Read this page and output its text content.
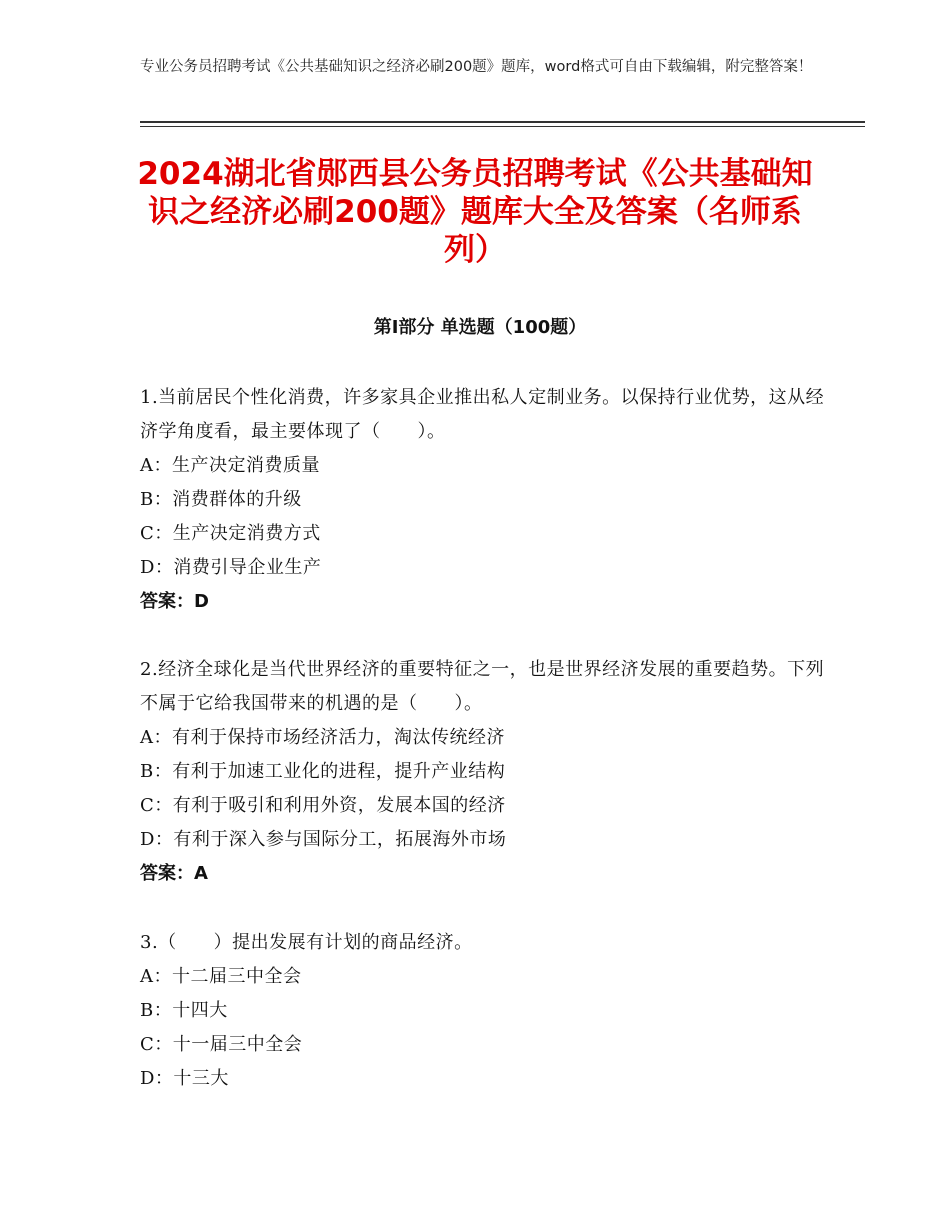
专业公务员招聘考试《公共基础知识之经济必刷200题》题库，word格式可自由下载编辑，附完整答案！
2024湖北省郧西县公务员招聘考试《公共基础知识之经济必刷200题》题库大全及答案（名师系列）
第I部分 单选题（100题）
1.当前居民个性化消费，许多家具企业推出私人定制业务。以保持行业优势，这从经济学角度看，最主要体现了（　　）。
A：生产决定消费质量
B：消费群体的升级
C：生产决定消费方式
D：消费引导企业生产
答案：D
2.经济全球化是当代世界经济的重要特征之一，也是世界经济发展的重要趋势。下列不属于它给我国带来的机遇的是（　　）。
A：有利于保持市场经济活力，淘汰传统经济
B：有利于加速工业化的进程，提升产业结构
C：有利于吸引和利用外资，发展本国的经济
D：有利于深入参与国际分工，拓展海外市场
答案：A
3.（　　）提出发展有计划的商品经济。
A：十二届三中全会
B：十四大
C：十一届三中全会
D：十三大
